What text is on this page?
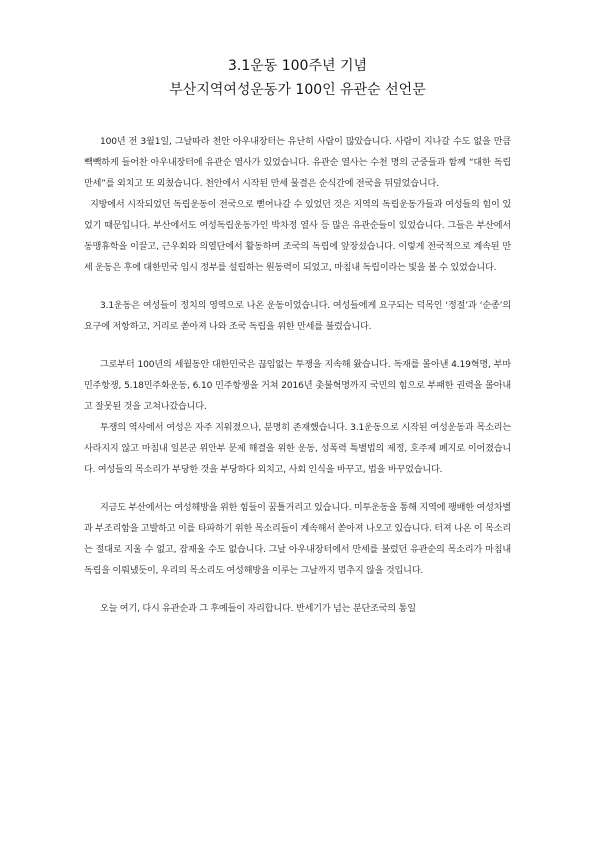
3.1운동 100주년 기념
부산지역여성운동가 100인 유관순 선언문

100년 전 3월1일, 그날따라 천안 아우내장터는 유난히 사람이 많았습니다. 사람이 지나갈 수도 없을 만큼 빽빽하게 들어찬 아우내장터에 유관순 열사가 있었습니다. 유관순 열사는 수천 명의 군중들과 함께 “대한 독립 만세”를 외치고 또 외쳤습니다. 천안에서 시작된 만세 물결은 순식간에 전국을 뒤덮었습니다.

지방에서 시작되었던 독립운동이 전국으로 뻗어나갈 수 있었던 것은 지역의 독립운동가들과 여성들의 힘이 있었기 때문입니다. 부산에서도 여성독립운동가인 박차정 열사 등 많은 유관순들이 있었습니다. 그들은 부산에서 동맹휴학을 이끌고, 근우회와 의열단에서 활동하며 조국의 독립에 앞장섰습니다. 이렇게 전국적으로 계속된 만세 운동은 후에 대한민국 임시 정부를 설립하는 원동력이 되었고, 마침내 독립이라는 빛을 볼 수 있었습니다.

3.1운동은 여성들이 정치의 영역으로 나온 운동이었습니다. 여성들에게 요구되는 덕목인 ‘정절’과 ‘순종’의 요구에 저항하고, 거리로 쏟아져 나와 조국 독립을 위한 만세를 불렀습니다.

그로부터 100년의 세월동안 대한민국은 끊임없는 투쟁을 지속해 왔습니다. 독재를 몰아낸 4.19혁명, 부마민주항쟁, 5.18민주화운동, 6.10 민주항쟁을 거쳐 2016년 촛불혁명까지 국민의 힘으로 부패한 권력을 몰아내고 잘못된 것을 고쳐나갔습니다.

투쟁의 역사에서 여성은 자주 지워졌으나, 분명히 존재했습니다. 3.1운동으로 시작된 여성운동과 목소리는 사라지지 않고 마침내 일본군 위안부 문제 해결을 위한 운동, 성폭력 특별법의 제정, 호주제 폐지로 이어졌습니다. 여성들의 목소리가 부당한 것을 부당하다 외치고, 사회 인식을 바꾸고, 법을 바꾸었습니다.

지금도 부산에서는 여성해방을 위한 힘들이 꿈틀거리고 있습니다. 미투운동을 통해 지역에 팽배한 여성차별과 부조리함을 고발하고 이를 타파하기 위한 목소리들이 계속해서 쏟아져 나오고 있습니다. 터져 나온 이 목소리는 절대로 지울 수 없고, 잠재울 수도 없습니다. 그날 아우내장터에서 만세를 불렀던 유관순의 목소리가 마침내 독립을 이뤄냈듯이, 우리의 목소리도 여성해방을 이루는 그날까지 멈추지 않을 것입니다.

오늘 여기, 다시 유관순과 그 후예들이 자리합니다. 반세기가 넘는 분단조국의 통일
